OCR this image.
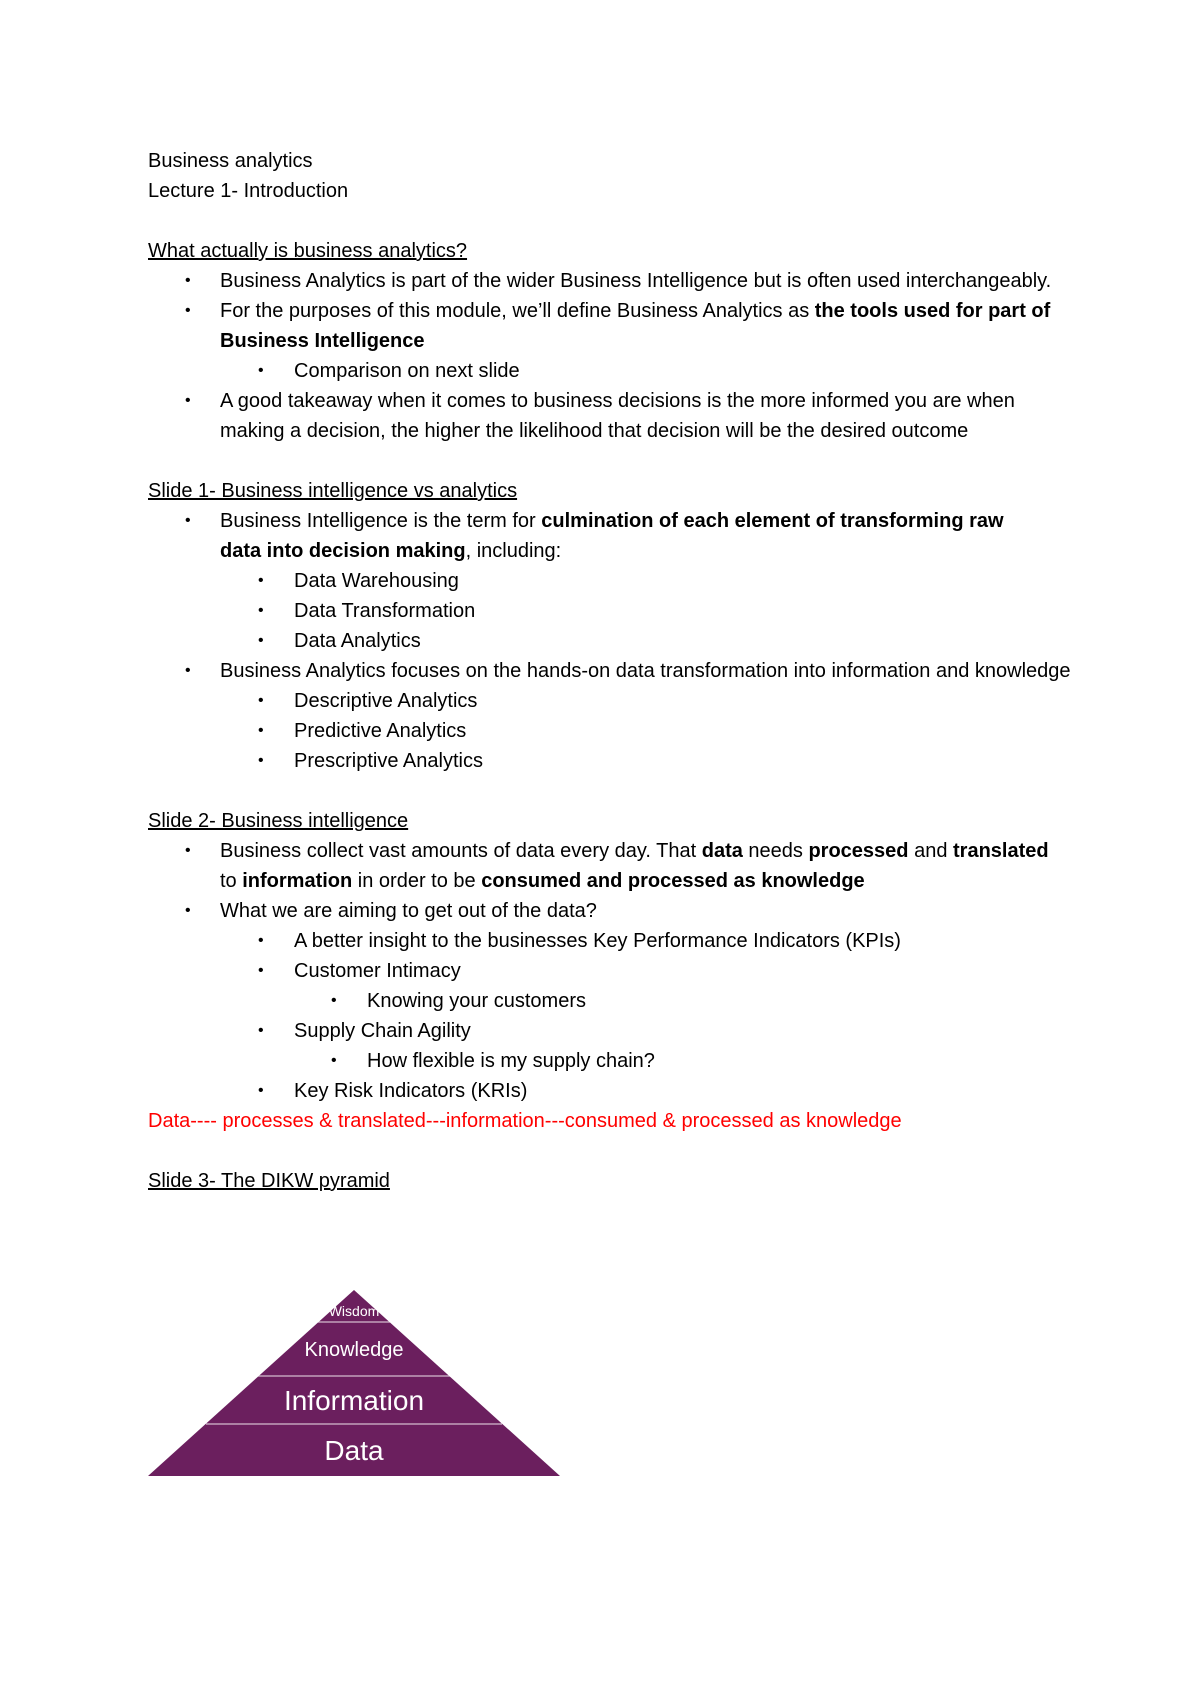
Business analytics
Lecture 1- Introduction
What actually is business analytics?
• Business Analytics is part of the wider Business Intelligence but is often used interchangeably.
• For the purposes of this module, we’ll define Business Analytics as the tools used for part of Business Intelligence
• Comparison on next slide
• A good takeaway when it comes to business decisions is the more informed you are when making a decision, the higher the likelihood that decision will be the desired outcome
Slide 1- Business intelligence vs analytics
• Business Intelligence is the term for culmination of each element of transforming raw data into decision making, including:
• Data Warehousing
• Data Transformation
• Data Analytics
• Business Analytics focuses on the hands-on data transformation into information and knowledge
• Descriptive Analytics
• Predictive Analytics
• Prescriptive Analytics
Slide 2- Business intelligence
• Business collect vast amounts of data every day. That data needs processed and translated to information in order to be consumed and processed as knowledge
• What we are aiming to get out of the data?
• A better insight to the businesses Key Performance Indicators (KPIs)
• Customer Intimacy
• Knowing your customers
• Supply Chain Agility
• How flexible is my supply chain?
• Key Risk Indicators (KRIs)
Data---- processes & translated---information---consumed & processed as knowledge
Slide 3- The DIKW pyramid
Wisdom
Knowledge
Information
Data
